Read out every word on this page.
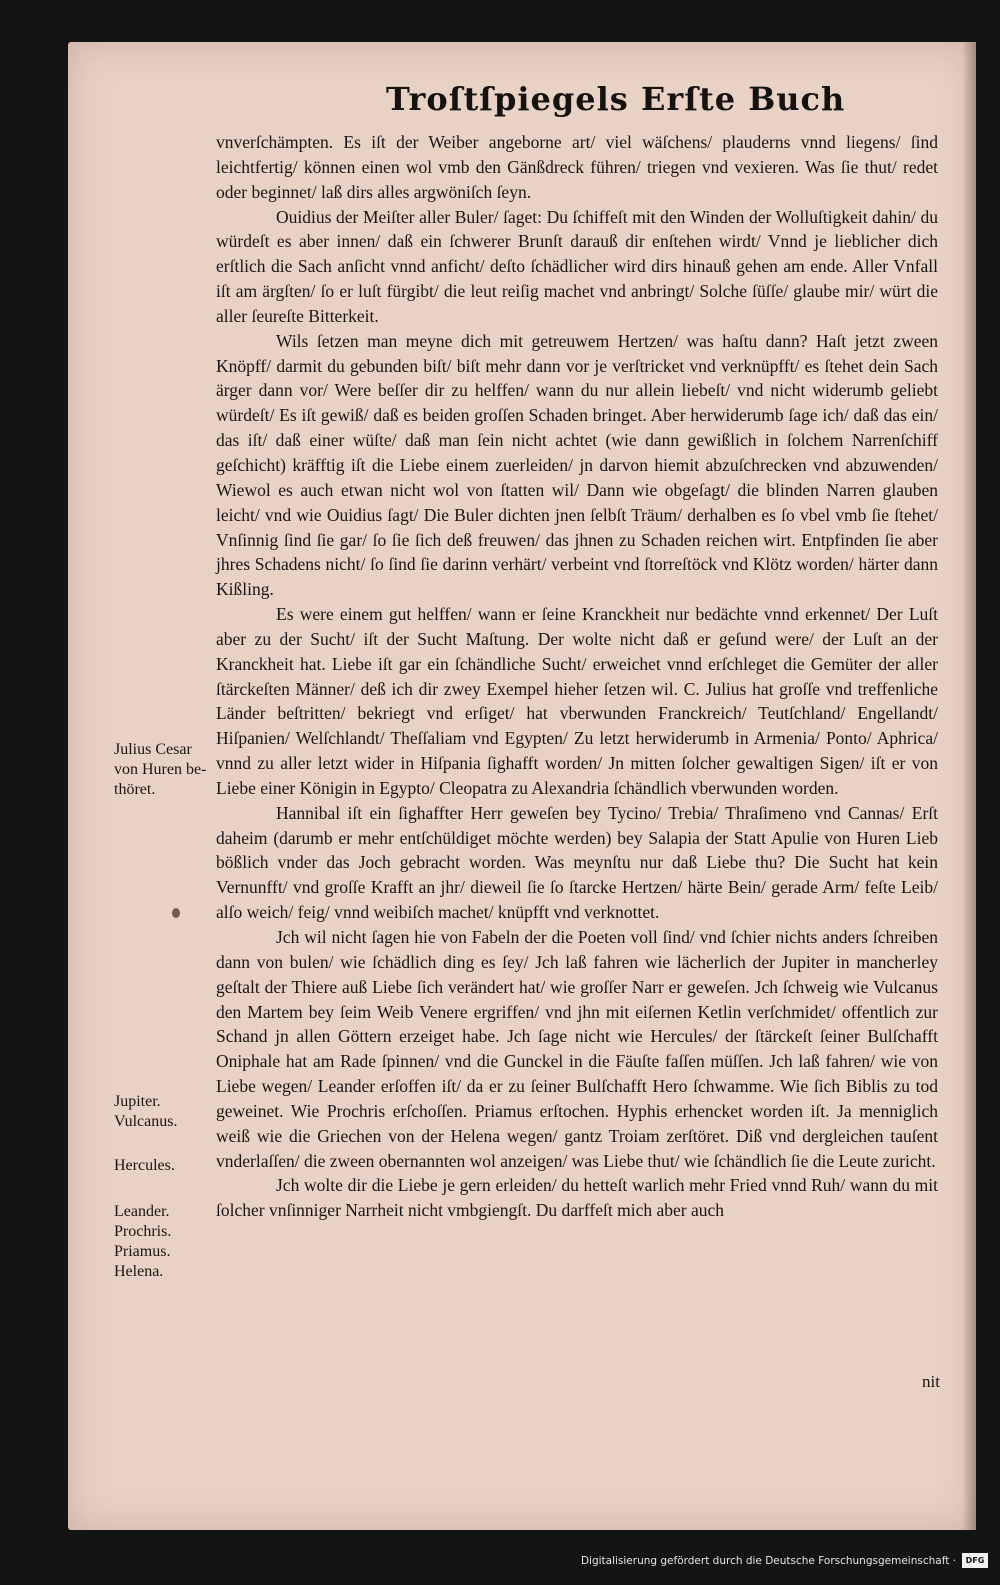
Troſtſpiegels Erſte Buch

vnverſchämpten. Es iſt der Weiber angeborne art/ viel wäſchens/ plauderns vnnd liegens/ ſind leichtfertig/ können einen wol vmb den Gänßdreck führen/ triegen vnd vexieren. Was ſie thut/ redet oder beginnet/ laß dirs alles argwöniſch ſeyn.

Ouidius der Meiſter aller Buler/ ſaget: Du ſchiffeſt mit den Winden der Wolluſtigkeit dahin/ du würdeſt es aber innen/ daß ein ſchwerer Brunſt darauß dir enſtehen wirdt/ Vnnd je lieblicher dich erſtlich die Sach anſicht vnnd anficht/ deſto ſchädlicher wird dirs hinauß gehen am ende. Aller Vnfall iſt am ärgſten/ ſo er luſt fürgibt/ die leut reiſig machet vnd anbringt/ Solche ſüſſe/ glaube mir/ würt die aller ſeureſte Bitterkeit.

Wils ſetzen man meyne dich mit getreuwem Hertzen/ was haſtu dann? Haſt jetzt zween Knöpff/ darmit du gebunden biſt/ biſt mehr dann vor je verſtricket vnd verknüpfft/ es ſtehet dein Sach ärger dann vor/ Were beſſer dir zu helffen/ wann du nur allein liebeſt/ vnd nicht widerumb geliebt würdeſt/ Es iſt gewiß/ daß es beiden groſſen Schaden bringet. Aber herwiderumb ſage ich/ daß das ein/ das iſt/ daß einer wüſte/ daß man ſein nicht achtet (wie dann gewißlich in ſolchem Narrenſchiff geſchicht) kräfftig iſt die Liebe einem zuerleiden/ jn darvon hiemit abzuſchrecken vnd abzuwenden/ Wiewol es auch etwan nicht wol von ſtatten wil/ Dann wie obgeſagt/ die blinden Narren glauben leicht/ vnd wie Ouidius ſagt/ Die Buler dichten jnen ſelbſt Träum/ derhalben es ſo vbel vmb ſie ſtehet/ Vnſinnig ſind ſie gar/ ſo ſie ſich deß freuwen/ das jhnen zu Schaden reichen wirt. Entpfinden ſie aber jhres Schadens nicht/ ſo ſind ſie darinn verhärt/ verbeint vnd ſtorreſtöck vnd Klötz worden/ härter dann Kißling.

Es were einem gut helffen/ wann er ſeine Kranckheit nur bedächte vnnd erkennet/ Der Luſt aber zu der Sucht/ iſt der Sucht Maſtung. Der wolte nicht daß er geſund were/ der Luſt an der Kranckheit hat. Liebe iſt gar ein ſchändliche Sucht/ erweichet vnnd erſchleget die Gemüter der aller ſtärckeſten Männer/ deß ich dir zwey Exempel hieher ſetzen wil. C. Julius hat groſſe vnd treffenliche Länder beſtritten/ bekriegt vnd erſiget/ hat vberwunden Franckreich/ Teutſchland/ Engellandt/ Hiſpanien/ Welſchlandt/ Theſſaliam vnd Egypten/ Zu letzt herwiderumb in Armenia/ Ponto/ Aphrica/ vnnd zu aller letzt wider in Hiſpania ſighafft worden/ Jn mitten ſolcher gewaltigen Sigen/ iſt er von Liebe einer Königin in Egypto/ Cleopatra zu Alexandria ſchändlich vberwunden worden.

Hannibal iſt ein ſighaffter Herr geweſen bey Tycino/ Trebia/ Thraſimeno vnd Cannas/ Erſt daheim (darumb er mehr entſchüldiget möchte werden) bey Salapia der Statt Apulie von Huren Lieb bößlich vnder das Joch gebracht worden. Was meynſtu nur daß Liebe thu? Die Sucht hat kein Vernunfft/ vnd groſſe Krafft an jhr/ dieweil ſie ſo ſtarcke Hertzen/ härte Bein/ gerade Arm/ feſte Leib/ alſo weich/ feig/ vnnd weibiſch machet/ knüpfft vnd verknottet.

Jch wil nicht ſagen hie von Fabeln der die Poeten voll ſind/ vnd ſchier nichts anders ſchreiben dann von bulen/ wie ſchädlich ding es ſey/ Jch laß fahren wie lächerlich der Jupiter in mancherley geſtalt der Thiere auß Liebe ſich verändert hat/ wie groſſer Narr er geweſen. Jch ſchweig wie Vulcanus den Martem bey ſeim Weib Venere ergriffen/ vnd jhn mit eiſernen Ketlin verſchmidet/ offentlich zur Schand jn allen Göttern erzeiget habe. Jch ſage nicht wie Hercules/ der ſtärckeſt ſeiner Bulſchafft Oniphale hat am Rade ſpinnen/ vnd die Gunckel in die Fäuſte faſſen müſſen. Jch laß fahren/ wie von Liebe wegen/ Leander erſoffen iſt/ da er zu ſeiner Bulſchafft Hero ſchwamme. Wie ſich Biblis zu tod geweinet. Wie Prochris erſchoſſen. Priamus erſtochen. Hyphis erhencket worden iſt. Ja menniglich weiß wie die Griechen von der Helena wegen/ gantz Troiam zerſtöret. Diß vnd dergleichen tauſent vnderlaſſen/ die zween obernannten wol anzeigen/ was Liebe thut/ wie ſchändlich ſie die Leute zuricht.

Jch wolte dir die Liebe je gern erleiden/ du hetteſt warlich mehr Fried vnnd Ruh/ wann du mit ſolcher vnſinniger Narrheit nicht vmbgiengſt. Du darffeſt mich aber auch

Julius Cesar
von Huren be-
thöret.
Jupiter.
Vulcanus.
Hercules.
Leander.
Prochris.
Priamus.
Helena.
nit
Digitalisierung gefördert durch die Deutsche Forschungsgemeinschaft ·	DFG
